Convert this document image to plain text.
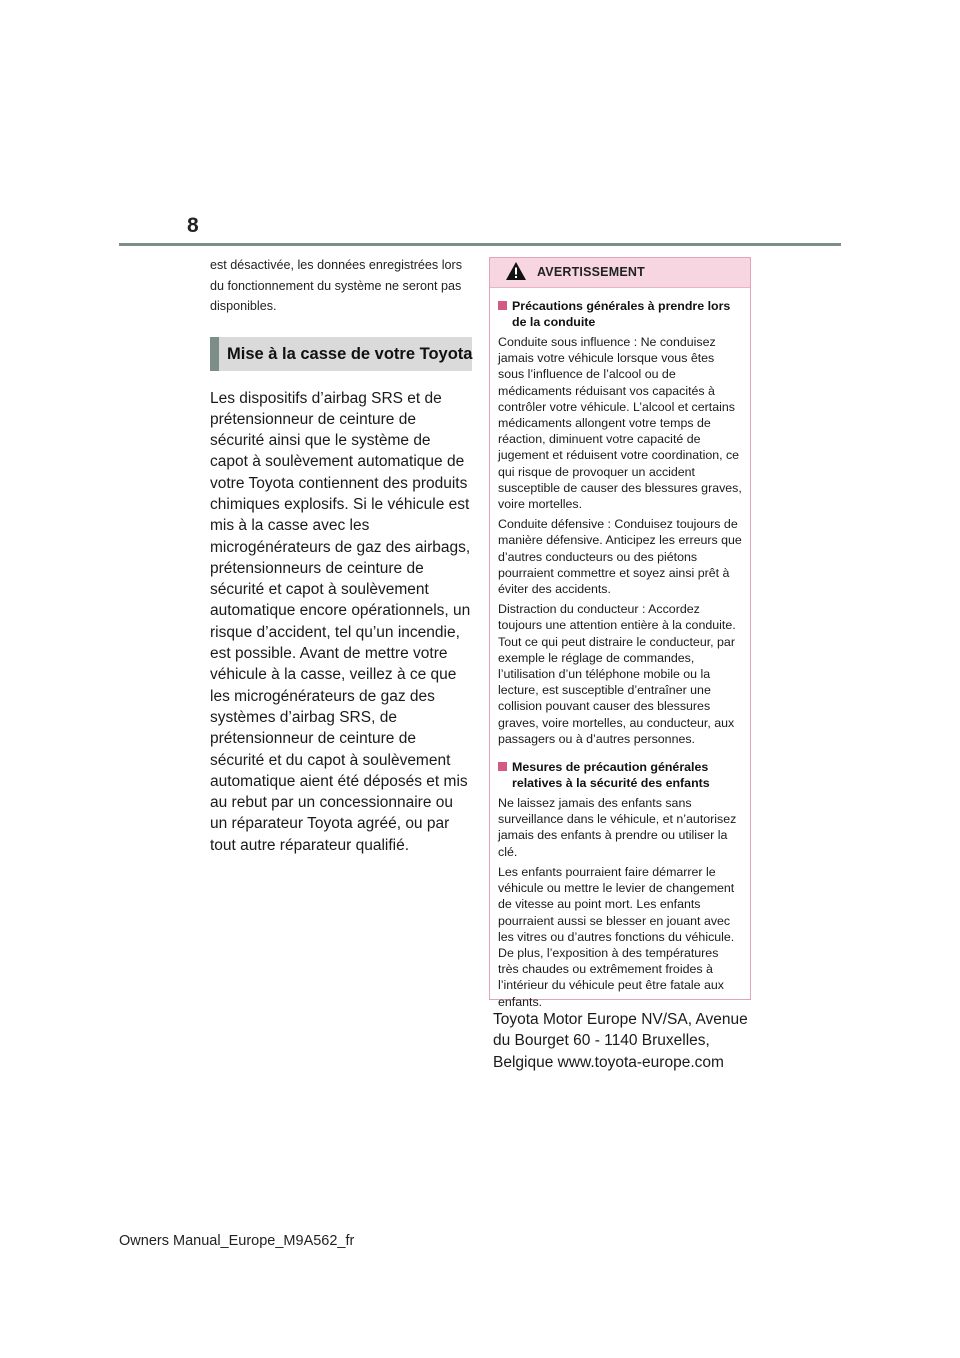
8

est désactivée, les données enregistrées lors du fonctionnement du système ne seront pas disponibles.

Mise à la casse de votre Toyota

Les dispositifs d’airbag SRS et de prétensionneur de ceinture de sécurité ainsi que le système de capot à soulèvement automatique de votre Toyota contiennent des produits chimiques explosifs. Si le véhicule est mis à la casse avec les microgénérateurs de gaz des airbags, prétensionneurs de ceinture de sécurité et capot à soulèvement automatique encore opérationnels, un risque d’accident, tel qu’un incendie, est possible. Avant de mettre votre véhicule à la casse, veillez à ce que les microgénérateurs de gaz des systèmes d’airbag SRS, de prétensionneur de ceinture de sécurité et du capot à soulèvement automatique aient été déposés et mis au rebut par un concessionnaire ou un réparateur Toyota agréé, ou par tout autre réparateur qualifié.

AVERTISSEMENT
Précautions générales à prendre lors de la conduite

Conduite sous influence : Ne conduisez jamais votre véhicule lorsque vous êtes sous l’influence de l’alcool ou de médicaments réduisant vos capacités à contrôler votre véhicule. L’alcool et certains médicaments allongent votre temps de réaction, diminuent votre capacité de jugement et réduisent votre coordination, ce qui risque de provoquer un accident susceptible de causer des blessures graves, voire mortelles.

Conduite défensive : Conduisez toujours de manière défensive. Anticipez les erreurs que d’autres conducteurs ou des piétons pourraient commettre et soyez ainsi prêt à éviter des accidents.

Distraction du conducteur : Accordez toujours une attention entière à la conduite. Tout ce qui peut distraire le conducteur, par exemple le réglage de commandes, l’utilisation d’un téléphone mobile ou la lecture, est susceptible d’entraîner une collision pouvant causer des blessures graves, voire mortelles, au conducteur, aux passagers ou à d’autres personnes.

Mesures de précaution générales relatives à la sécurité des enfants

Ne laissez jamais des enfants sans surveillance dans le véhicule, et n’autorisez jamais des enfants à prendre ou utiliser la clé.

Les enfants pourraient faire démarrer le véhicule ou mettre le levier de changement de vitesse au point mort. Les enfants pourraient aussi se blesser en jouant avec les vitres ou d’autres fonctions du véhicule. De plus, l’exposition à des températures très chaudes ou extrêmement froides à l’intérieur du véhicule peut être fatale aux enfants.

Toyota Motor Europe NV/SA, Avenue du Bourget 60 - 1140 Bruxelles, Belgique www.toyota-europe.com

Owners Manual_Europe_M9A562_fr
